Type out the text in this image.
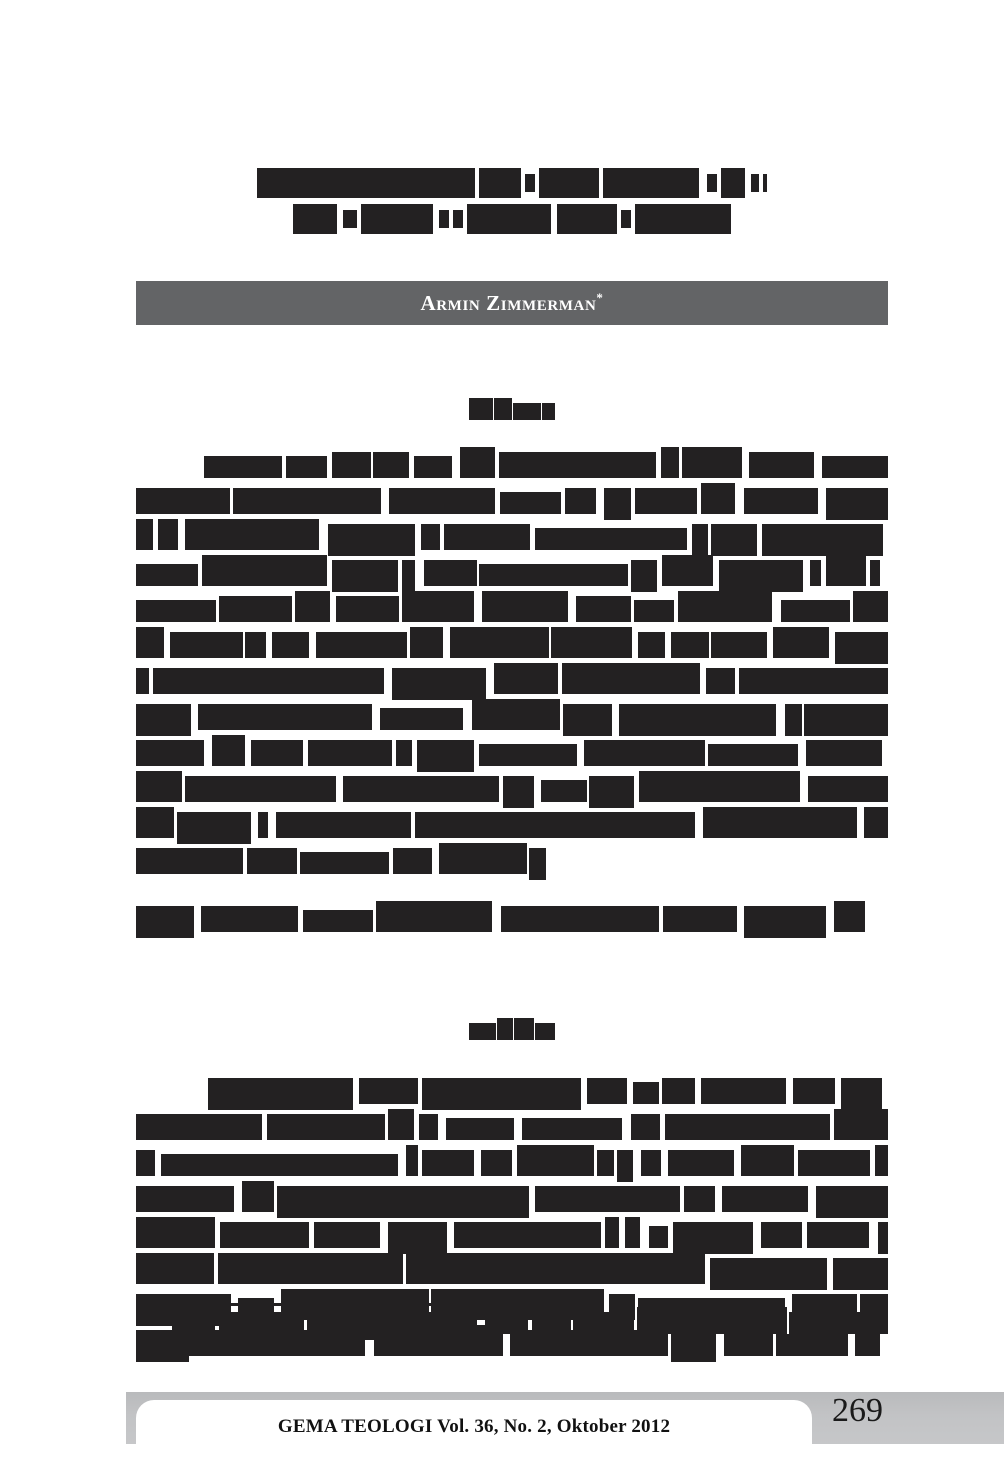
Armin Zimmerman*
GEMA TEOLOGI Vol. 36, No. 2, Oktober 2012	269
